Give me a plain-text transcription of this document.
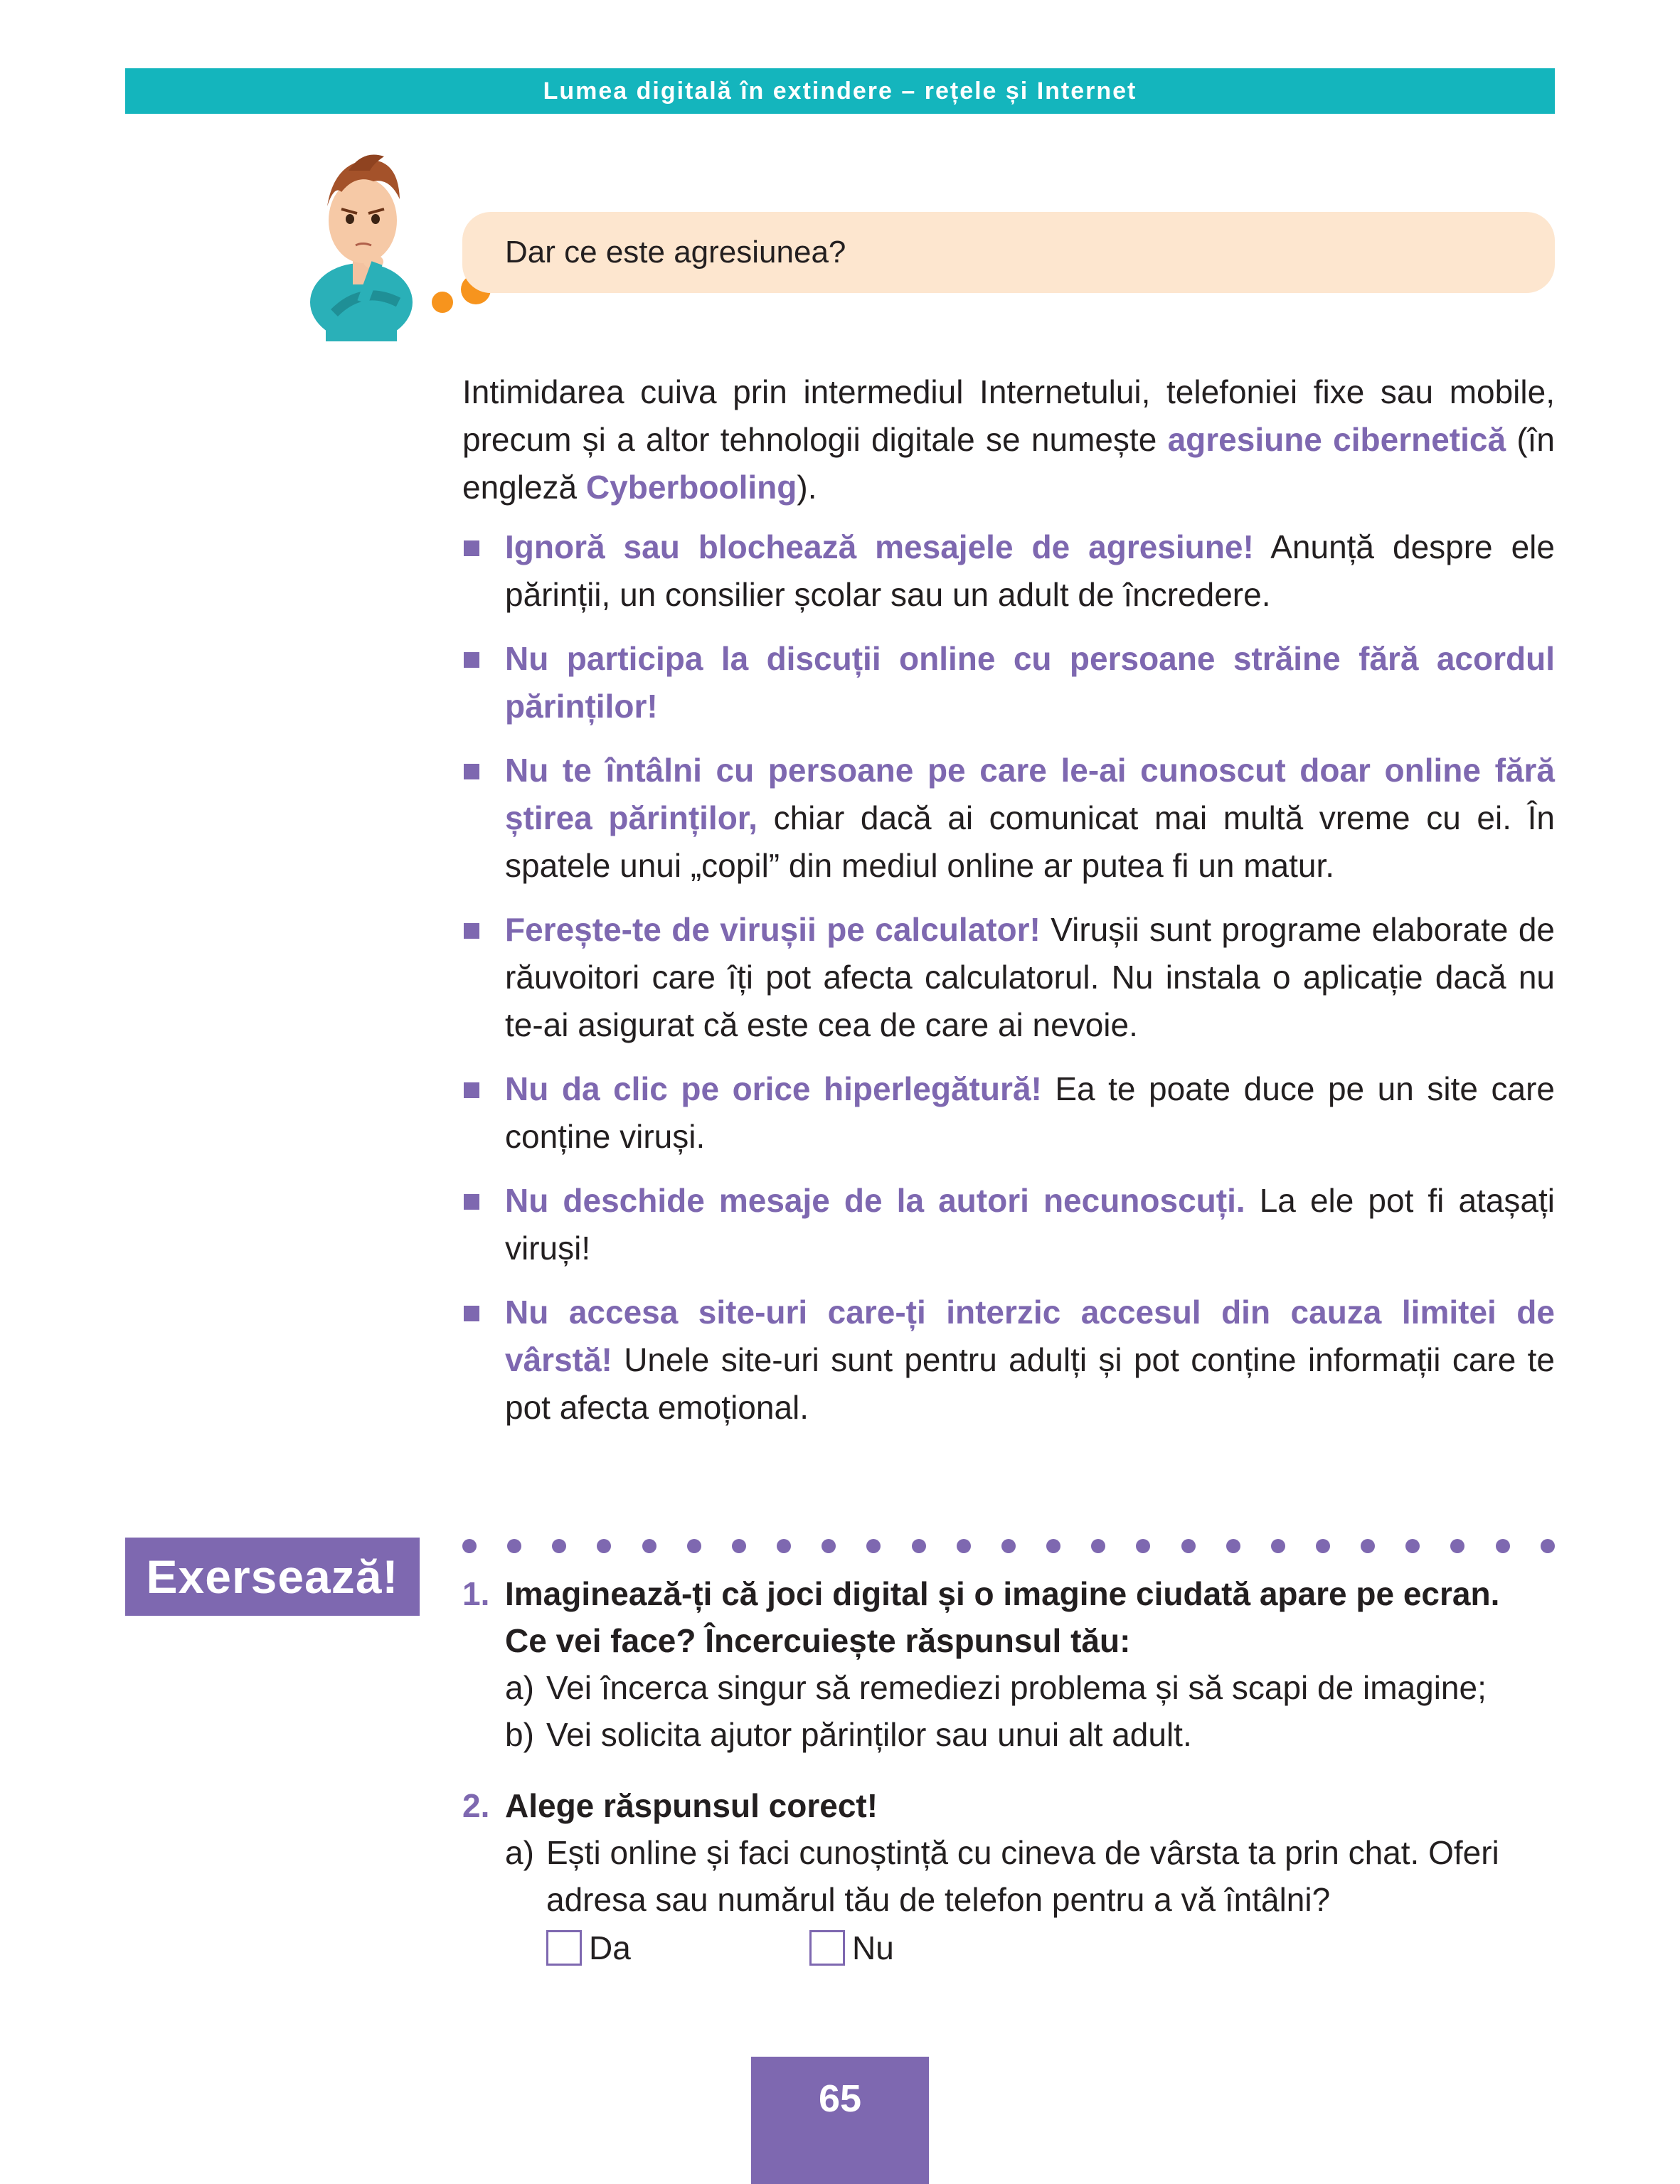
Lumea digitală în extindere – rețele și Internet
Dar ce este agresiunea?

Intimidarea cuiva prin intermediul Internetului, telefoniei fixe sau mobile, precum și a altor tehnologii digitale se numește agresiune cibernetică (în engleză Cyberbooling).

Ignoră sau blochează mesajele de agresiune! Anunță despre ele părinții, un consilier școlar sau un adult de încredere.
Nu participa la discuții online cu persoane străine fără acordul părinților!
Nu te întâlni cu persoane pe care le-ai cunoscut doar online fără știrea părinților, chiar dacă ai comunicat mai multă vreme cu ei. În spatele unui „copil” din mediul online ar putea fi un matur.
Ferește-te de virușii pe calculator! Virușii sunt programe elaborate de răuvoitori care îți pot afecta calculatorul. Nu instala o aplicație dacă nu te-ai asigurat că este cea de care ai nevoie.
Nu da clic pe orice hiperlegătură! Ea te poate duce pe un site care conține viruși.
Nu deschide mesaje de la autori necunoscuți. La ele pot fi atașați viruși!
Nu accesa site-uri care-ți interzic accesul din cauza limitei de vârstă! Unele site-uri sunt pentru adulți și pot conține informații care te pot afecta emoțional.
Exersează!	1. Imaginează-ți că joci digital și o imagine ciudată apare pe ecran.
Ce vei face? Încercuiește răspunsul tău:
a) Vei încerca singur să remediezi problema și să scapi de imagine;
b) Vei solicita ajutor părinților sau unui alt adult.
2. Alege răspunsul corect!
a) Ești online și faci cunoștință cu cineva de vârsta ta prin chat. Oferi adresa sau numărul tău de telefon pentru a vă întâlni?
Da	Nu
65
